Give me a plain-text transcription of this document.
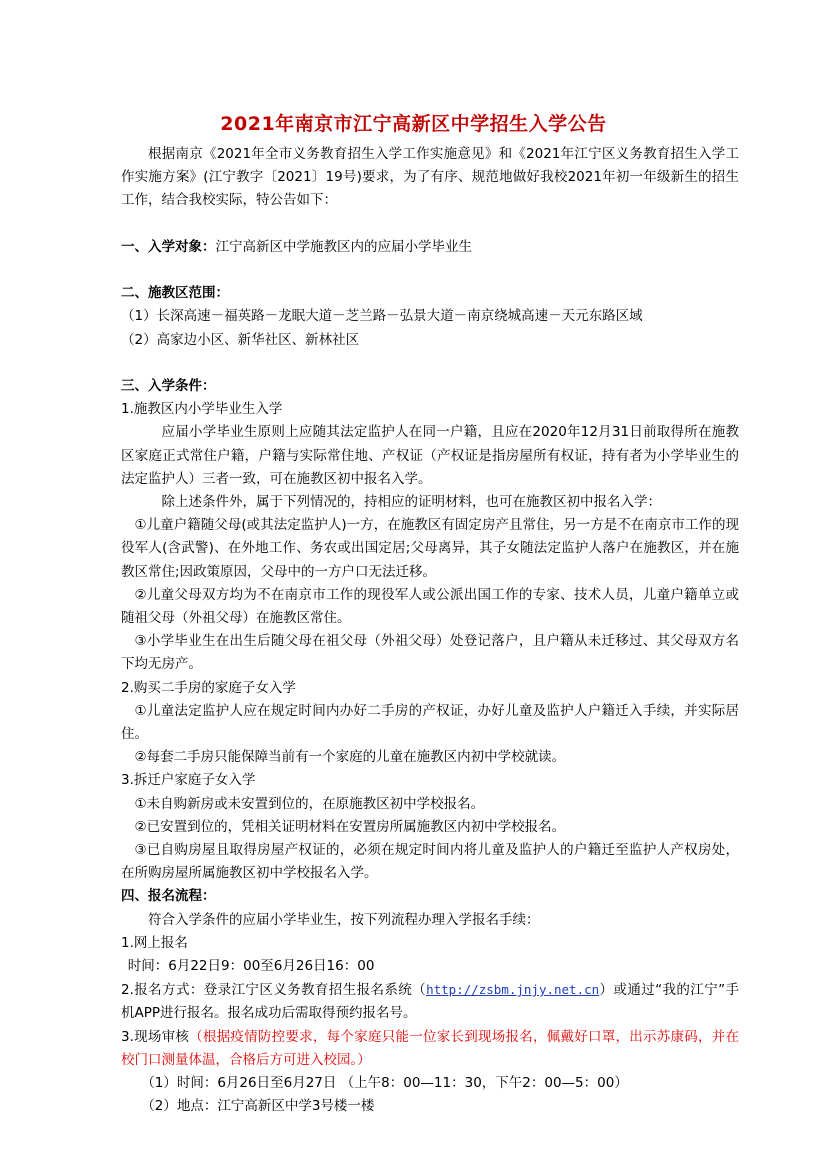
2021年南京市江宁高新区中学招生入学公告

根据南京《2021年全市义务教育招生入学工作实施意见》和《2021年江宁区义务教育招生入学工作实施方案》(江宁教字〔2021〕19号)要求，为了有序、规范地做好我校2021年初一年级新生的招生工作，结合我校实际，特公告如下：

一、入学对象：江宁高新区中学施教区内的应届小学毕业生

二、施教区范围：

（1）长深高速－福英路－龙眠大道－芝兰路－弘景大道－南京绕城高速－天元东路区域

（2）高家边小区、新华社区、新林社区

三、入学条件：

1.施教区内小学毕业生入学

应届小学毕业生原则上应随其法定监护人在同一户籍，且应在2020年12月31日前取得所在施教区家庭正式常住户籍，户籍与实际常住地、产权证（产权证是指房屋所有权证，持有者为小学毕业生的法定监护人）三者一致，可在施教区初中报名入学。

除上述条件外，属于下列情况的，持相应的证明材料，也可在施教区初中报名入学：

①儿童户籍随父母(或其法定监护人)一方，在施教区有固定房产且常住，另一方是不在南京市工作的现役军人(含武警)、在外地工作、务农或出国定居;父母离异，其子女随法定监护人落户在施教区，并在施教区常住;因政策原因，父母中的一方户口无法迁移。

②儿童父母双方均为不在南京市工作的现役军人或公派出国工作的专家、技术人员，儿童户籍单立或随祖父母（外祖父母）在施教区常住。

③小学毕业生在出生后随父母在祖父母（外祖父母）处登记落户，且户籍从未迁移过、其父母双方名下均无房产。

2.购买二手房的家庭子女入学

①儿童法定监护人应在规定时间内办好二手房的产权证，办好儿童及监护人户籍迁入手续，并实际居住。

②每套二手房只能保障当前有一个家庭的儿童在施教区内初中学校就读。

3.拆迁户家庭子女入学

①未自购新房或未安置到位的，在原施教区初中学校报名。

②已安置到位的，凭相关证明材料在安置房所属施教区内初中学校报名。

③已自购房屋且取得房屋产权证的，必须在规定时间内将儿童及监护人的户籍迁至监护人产权房处，在所购房屋所属施教区初中学校报名入学。

四、报名流程：

符合入学条件的应届小学毕业生，按下列流程办理入学报名手续：

1.网上报名

时间：6月22日9：00至6月26日16：00

2.报名方式：登录江宁区义务教育招生报名系统（http://zsbm.jnjy.net.cn）或通过“我的江宁”手机APP进行报名。报名成功后需取得预约报名号。

3.现场审核（根据疫情防控要求，每个家庭只能一位家长到现场报名，佩戴好口罩，出示苏康码，并在校门口测量体温，合格后方可进入校园。）

（1）时间：6月26日至6月27日 （上午8：00—11：30，下午2：00—5：00）

（2）地点：江宁高新区中学3号楼一楼
